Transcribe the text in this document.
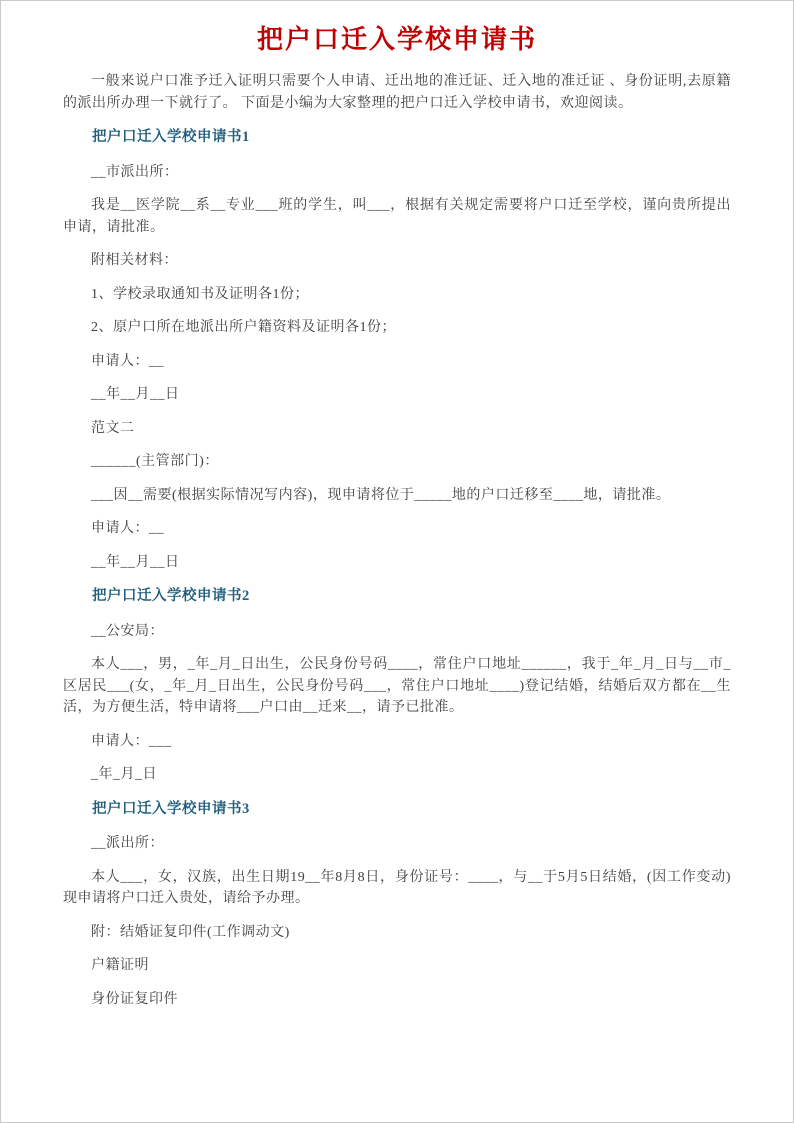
把户口迁入学校申请书

一般来说户口准予迁入证明只需要个人申请、迁出地的准迁证、迁入地的准迁证 、身份证明,去原籍的派出所办理一下就行了。 下面是小编为大家整理的把户口迁入学校申请书，欢迎阅读。

把户口迁入学校申请书1

__市派出所：

我是__医学院__系__专业___班的学生，叫___，根据有关规定需要将户口迁至学校，谨向贵所提出申请，请批准。

附相关材料：

1、学校录取通知书及证明各1份；

2、原户口所在地派出所户籍资料及证明各1份；

申请人：__

__年__月__日

范文二

______(主管部门)：

___因__需要(根据实际情况写内容)，现申请将位于_____地的户口迁移至____地，请批准。

申请人：__

__年__月__日

把户口迁入学校申请书2

__公安局：

本人___，男，_年_月_日出生，公民身份号码____，常住户口地址______，我于_年_月_日与__市_区居民___(女，_年_月_日出生，公民身份号码___，常住户口地址____)登记结婚，结婚后双方都在__生活，为方便生活，特申请将___户口由__迁来__，请予已批准。

申请人：___

_年_月_日

把户口迁入学校申请书3

__派出所：

本人___，女，汉族，出生日期19__年8月8日，身份证号：____，与__于5月5日结婚，(因工作变动)现申请将户口迁入贵处，请给予办理。

附：结婚证复印件(工作调动文)

户籍证明

身份证复印件
